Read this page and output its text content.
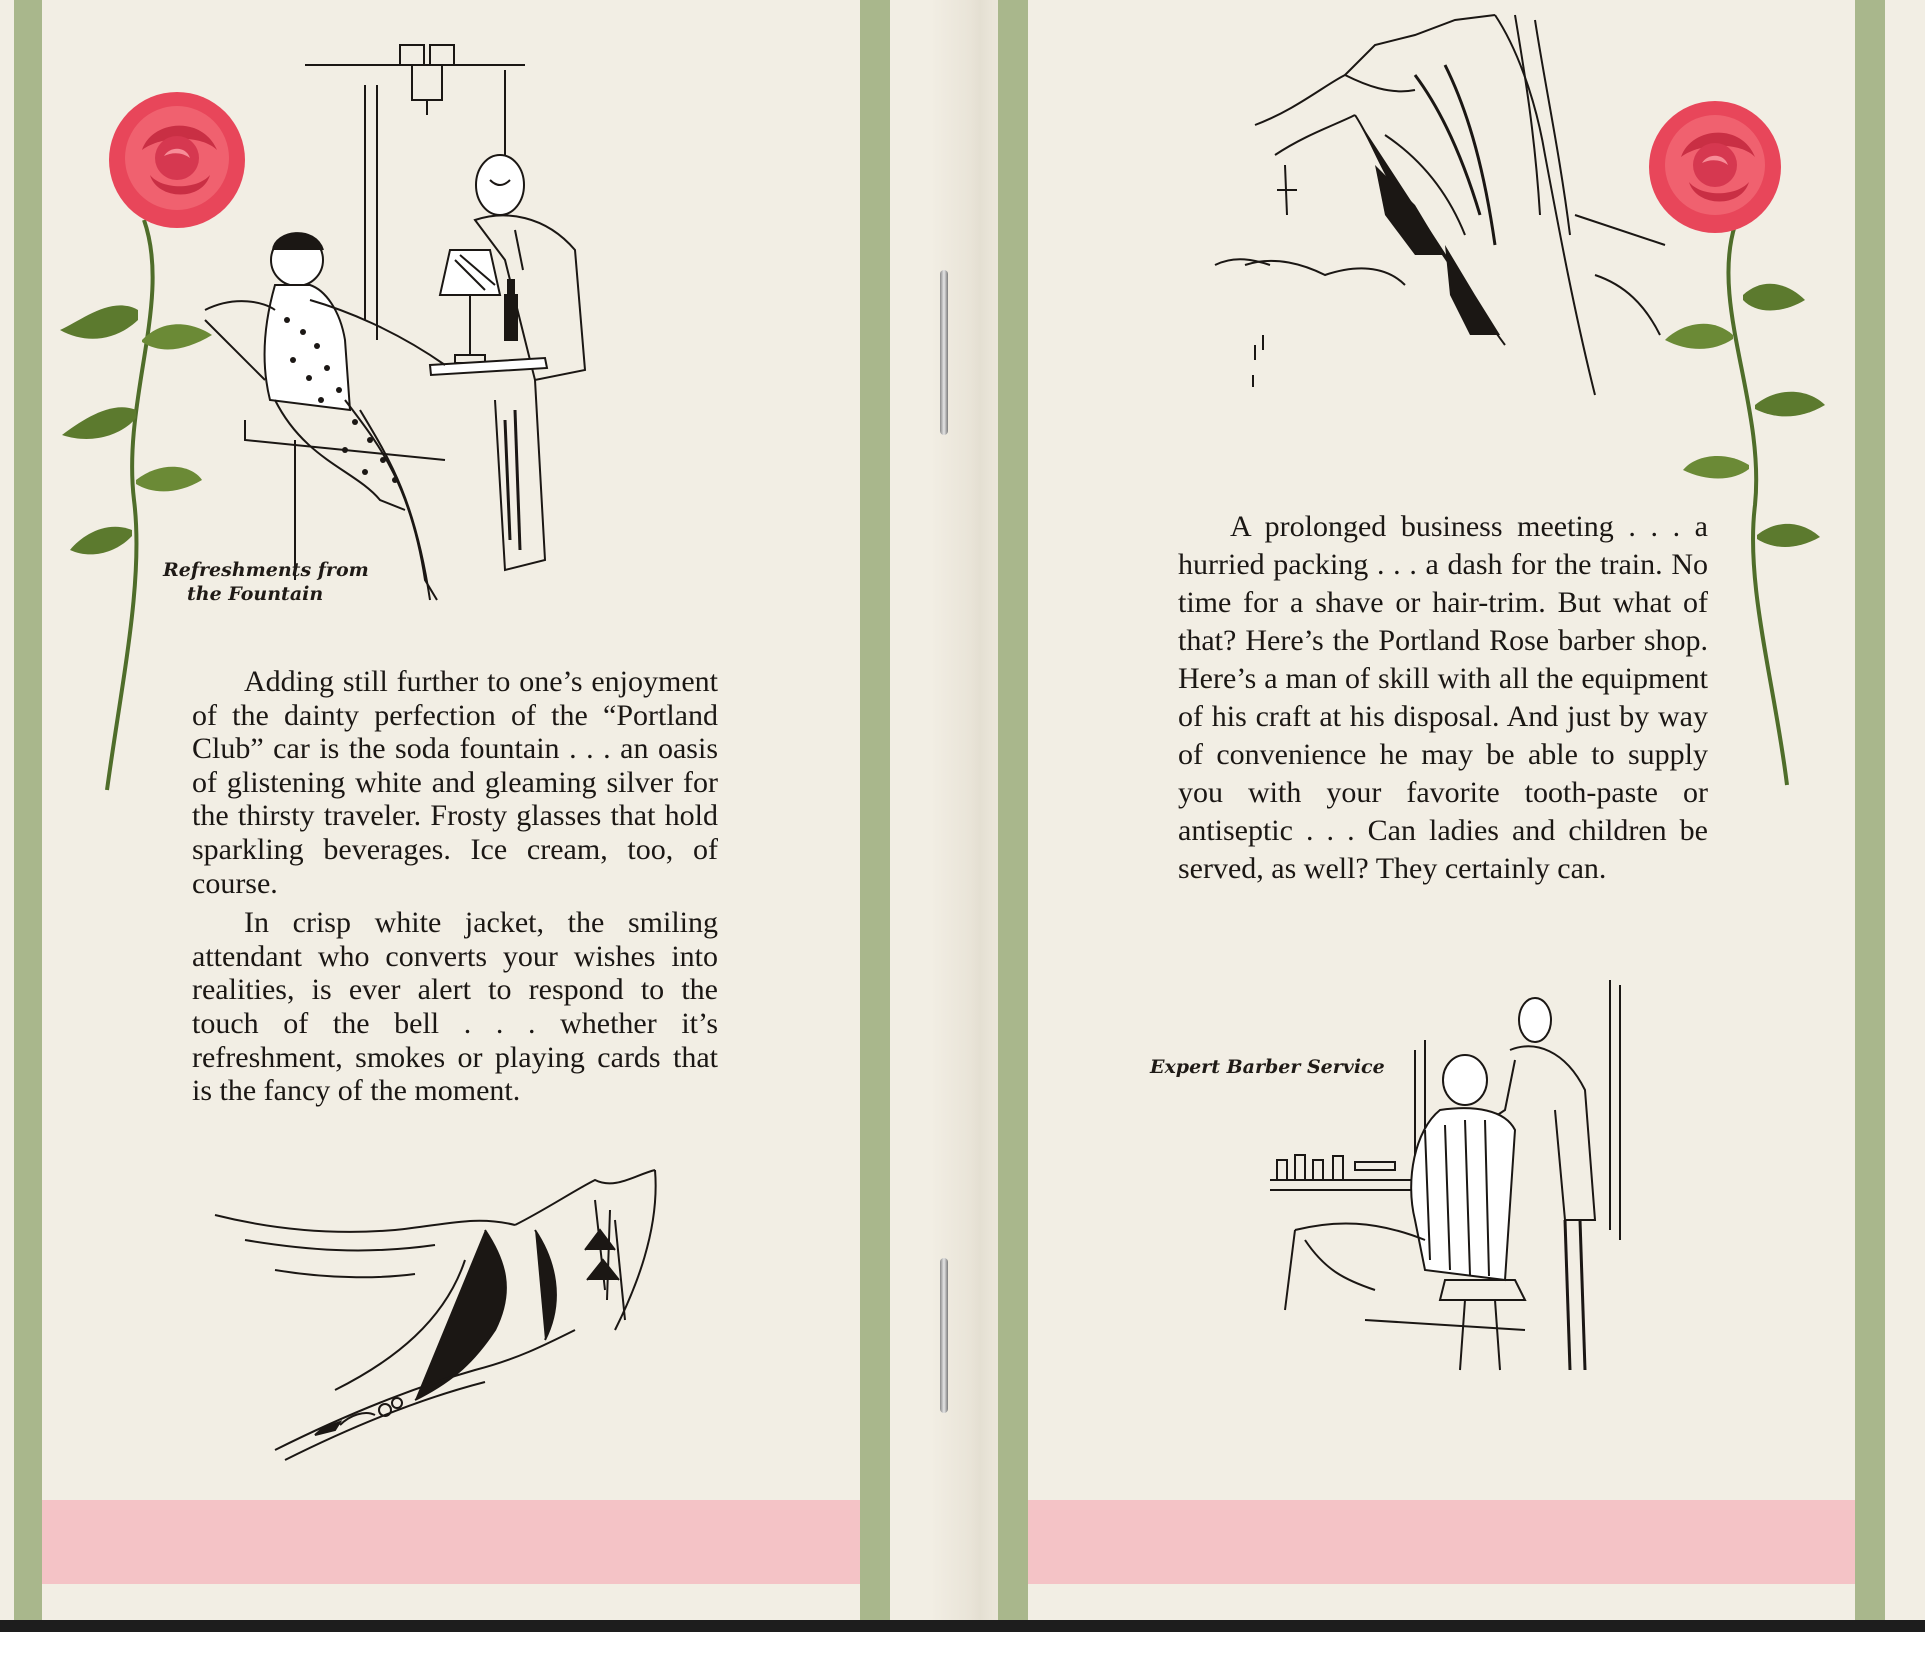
Refreshments from
the Fountain

Adding still further to one’s enjoyment of the dainty perfection of the “Portland Club” car is the soda fountain . . . an oasis of glistening white and gleaming silver for the thirsty traveler. Frosty glasses that hold sparkling beverages. Ice cream, too, of course.

In crisp white jacket, the smiling attendant who converts your wishes into realities, is ever alert to respond to the touch of the bell . . . whether it’s refreshment, smokes or playing cards that is the fancy of the moment.

A prolonged business meeting . . . a hurried packing . . . a dash for the train. No time for a shave or hair-trim. But what of that? Here’s the Portland Rose barber shop. Here’s a man of skill with all the equipment of his craft at his disposal. And just by way of convenience he may be able to supply you with your favorite tooth-paste or antiseptic . . . Can ladies and children be served, as well? They certainly can.

Expert Barber Service
